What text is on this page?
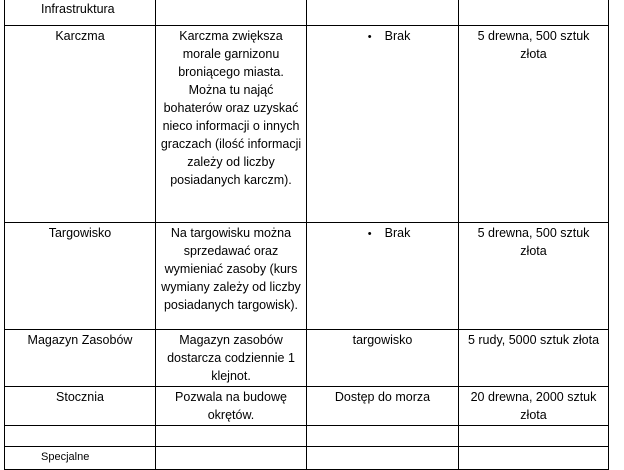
Infrastruktura			
Karczma	Karczma zwiększa morale garnizonu broniącego miasta. Można tu nająć bohaterów oraz uzyskać nieco informacji o innych graczach (ilość informacji zależy od liczby posiadanych karczm).	• Brak	5 drewna, 500 sztuk złota
Targowisko	Na targowisku można sprzedawać oraz wymieniać zasoby (kurs wymiany zależy od liczby posiadanych targowisk).	• Brak	5 drewna, 500 sztuk złota
Magazyn Zasobów	Magazyn zasobów dostarcza codziennie 1 klejnot.	targowisko	5 rudy, 5000 sztuk złota
Stocznia	Pozwala na budowę okrętów.	Dostęp do morza	20 drewna, 2000 sztuk złota

Specjalne			
